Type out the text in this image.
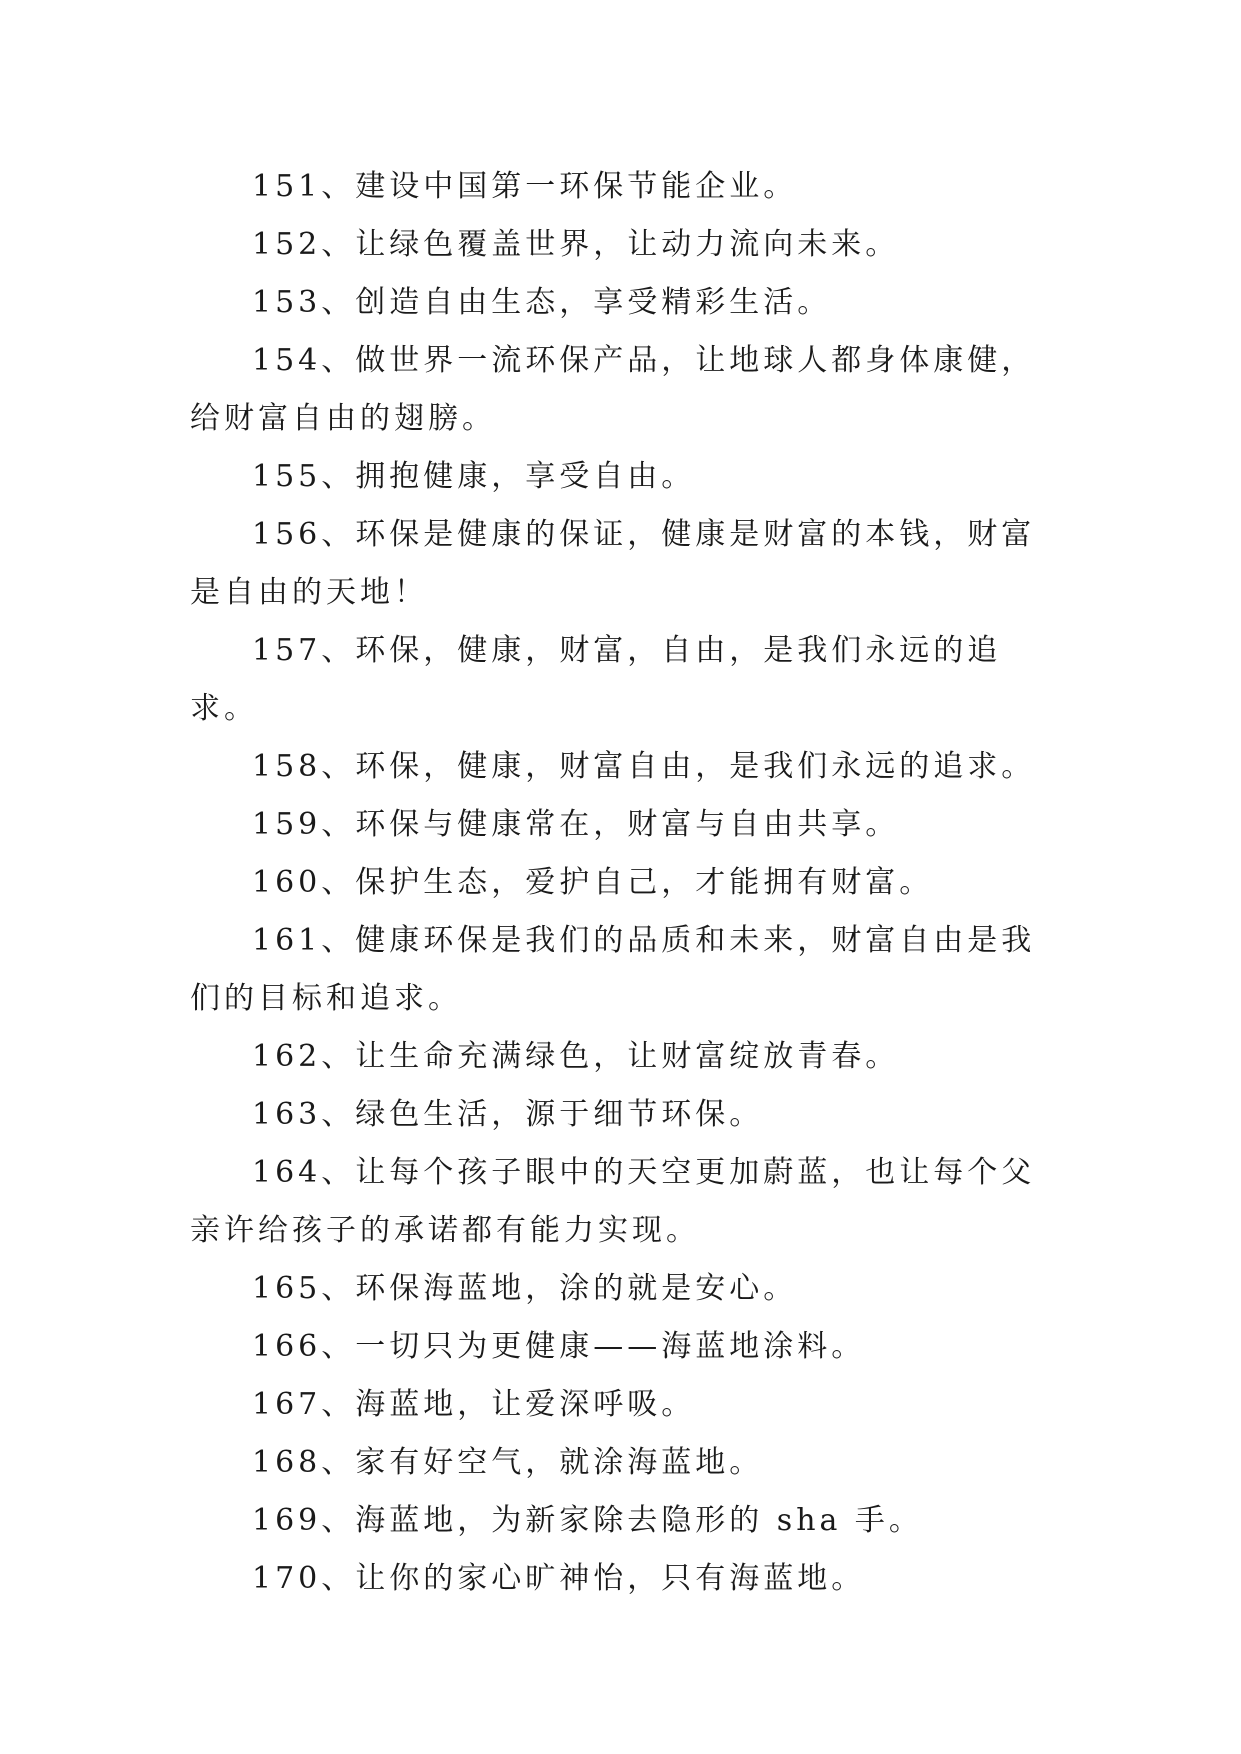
151、建设中国第一环保节能企业。

152、让绿色覆盖世界，让动力流向未来。

153、创造自由生态，享受精彩生活。

154、做世界一流环保产品，让地球人都身体康健，给财富自由的翅膀。

155、拥抱健康，享受自由。

156、环保是健康的保证，健康是财富的本钱，财富是自由的天地！

157、环保，健康，财富，自由，是我们永远的追求。

158、环保，健康，财富自由，是我们永远的追求。

159、环保与健康常在，财富与自由共享。

160、保护生态，爱护自己，才能拥有财富。

161、健康环保是我们的品质和未来，财富自由是我们的目标和追求。

162、让生命充满绿色，让财富绽放青春。

163、绿色生活，源于细节环保。

164、让每个孩子眼中的天空更加蔚蓝，也让每个父亲许给孩子的承诺都有能力实现。

165、环保海蓝地，涂的就是安心。

166、一切只为更健康——海蓝地涂料。

167、海蓝地，让爱深呼吸。

168、家有好空气，就涂海蓝地。

169、海蓝地，为新家除去隐形的 sha 手。

170、让你的家心旷神怡，只有海蓝地。
